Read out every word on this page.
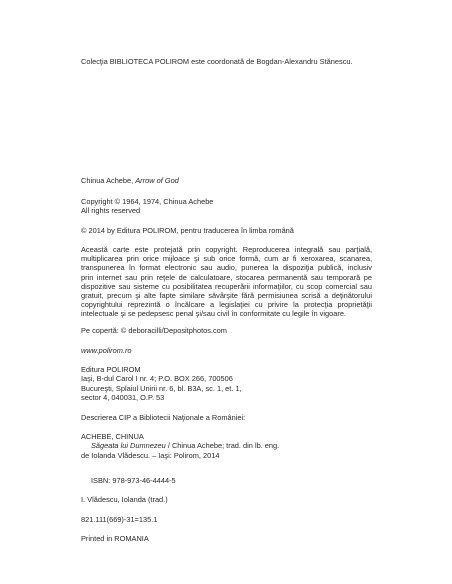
Colecţia BIBLIOTECA POLIROM este coordonată de Bogdan-Alexandru Stănescu.
Chinua Achebe, Arrow of God
Copyright © 1964, 1974, Chinua Achebe
All rights reserved
© 2014 by Editura POLIROM, pentru traducerea în limba română
Această carte este protejată prin copyright. Reproducerea integrală sau parţială,
multiplicarea prin orice mijloace şi sub orice formă, cum ar fi xeroxarea, scanarea,
transpunerea în format electronic sau audio, punerea la dispoziţia publică, inclusiv
prin internet sau prin reţele de calculatoare, stocarea permanentă sau temporară pe
dispozitive sau sisteme cu posibilitatea recuperării informaţiilor, cu scop comercial sau
gratuit, precum şi alte fapte similare săvârşite fără permisiunea scrisă a deţinătorului
copyrightului reprezintă o încălcare a legislaţiei cu privire la protecţia proprietăţii
intelectuale şi se pedepsesc penal şi/sau civil în conformitate cu legile în vigoare.
Pe copertă: © deboracilli/Depositphotos.com
www.polirom.ro
Editura POLIROM
Iaşi, B-dul Carol I nr. 4; P.O. BOX 266, 700506
Bucureşti, Splaiul Unirii nr. 6, bl. B3A, sc. 1, et. 1,
sector 4, 040031, O.P. 53
Descrierea CIP a Bibliotecii Naţionale a României:
ACHEBE, CHINUA
Săgeata lui Dumnezeu / Chinua Achebe; trad. din lb. eng.
de Iolanda Vlădescu. – Iaşi: Polirom, 2014
ISBN: 978-973-46-4444-5
I. Vlădescu, Iolanda (trad.)
821.111(669)-31=135.1
Printed in ROMANIA
